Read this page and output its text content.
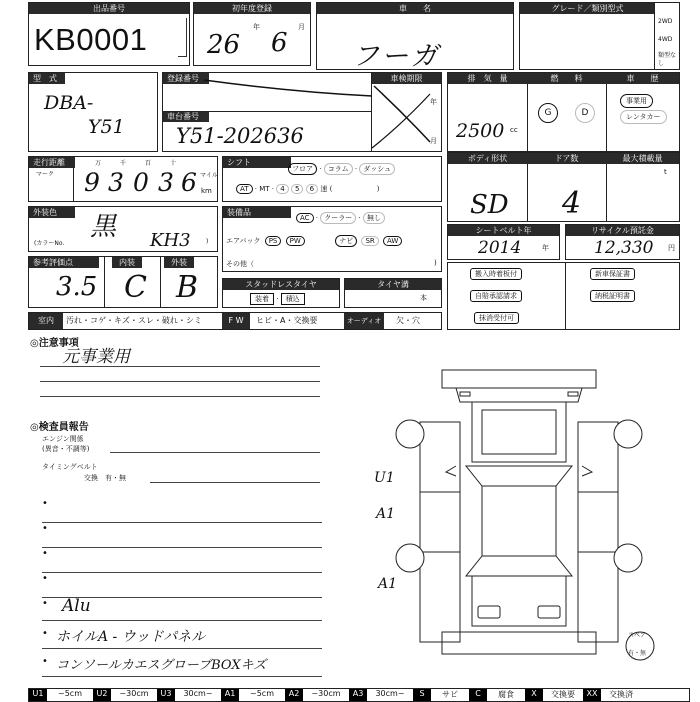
出品番号
KB0001
初年度登録
年	月
26 6
車　　名
フーガ
グレード／類別型式
2WD
4WD
類型なし
型　式
DBA-
Y51
登録番号	車検期限
年
月
車台番号
Y51-202636
排　気　量	燃　　料	車　　歴
2500 cc
G	D
事業用
レンタカー
走行距離
マーク
万	千	百	十
マイル
km
9 3 0 3 6
シフト
フロア · コラム · ダッシュ
AT · MT · 4 5 6 速 (	)
ボディ形状	ドア数	最大積載量
SD 4
t
外装色
(カラーNo.
黒 KH3	)
装備品
AC · クーラー · 無し
エアバック PS PW	ナビ SR AW
その他（	)
シートベルト年
2014	年
リサイクル預託金
12,330 円
参考評価点	内装	外装
3.5 C B	スタッドレスタイヤ
装着 · 積込
タイヤ溝
本
搬入時着板付	新車保証書
自賠承認請求	納税証明書
抹消受付可
室内	汚れ・コゲ・キズ・スレ・破れ・シミ	F W	ヒビ・A・交換要	オーディオ	欠・穴
◎注意事項
元事業用
◎検査員報告
エンジン関係
(異音・不調等)
タイミングベルト
交換　有・無
•
•
•
•
• Alu
• ホイルA - ウッドパネル
• コンソールカエスグローブBOXキズ
U1
A1
A1
スペア
有・無
U1	~5cm	U2	~30cm	U3	30cm~	A1	~5cm	A2	~30cm	A3	30cm~	S	サビ	C	腐食	X	交換要	XX	交換済
